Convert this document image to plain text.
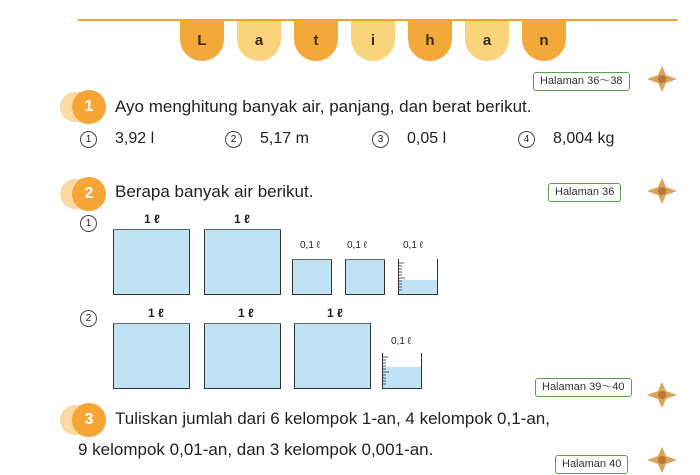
L	a	t	i	h	a	n
Halaman 36～38
1	Ayo menghitung banyak air, panjang, dan berat berikut.
1	3,92 l	2	5,17 m	3	0,05 l	4	8,004 kg
2	Berapa banyak air berikut.	Halaman 36
1	1 ℓ	1 ℓ
0,1 ℓ	0,1 ℓ	0,1 ℓ
2	1 ℓ	1 ℓ	1 ℓ
0,1 ℓ
Halaman 39～40
3	Tuliskan jumlah dari 6 kelompok 1-an, 4 kelompok 0,1-an,
9 kelompok 0,01-an, dan 3 kelompok 0,001-an.
Halaman 40
